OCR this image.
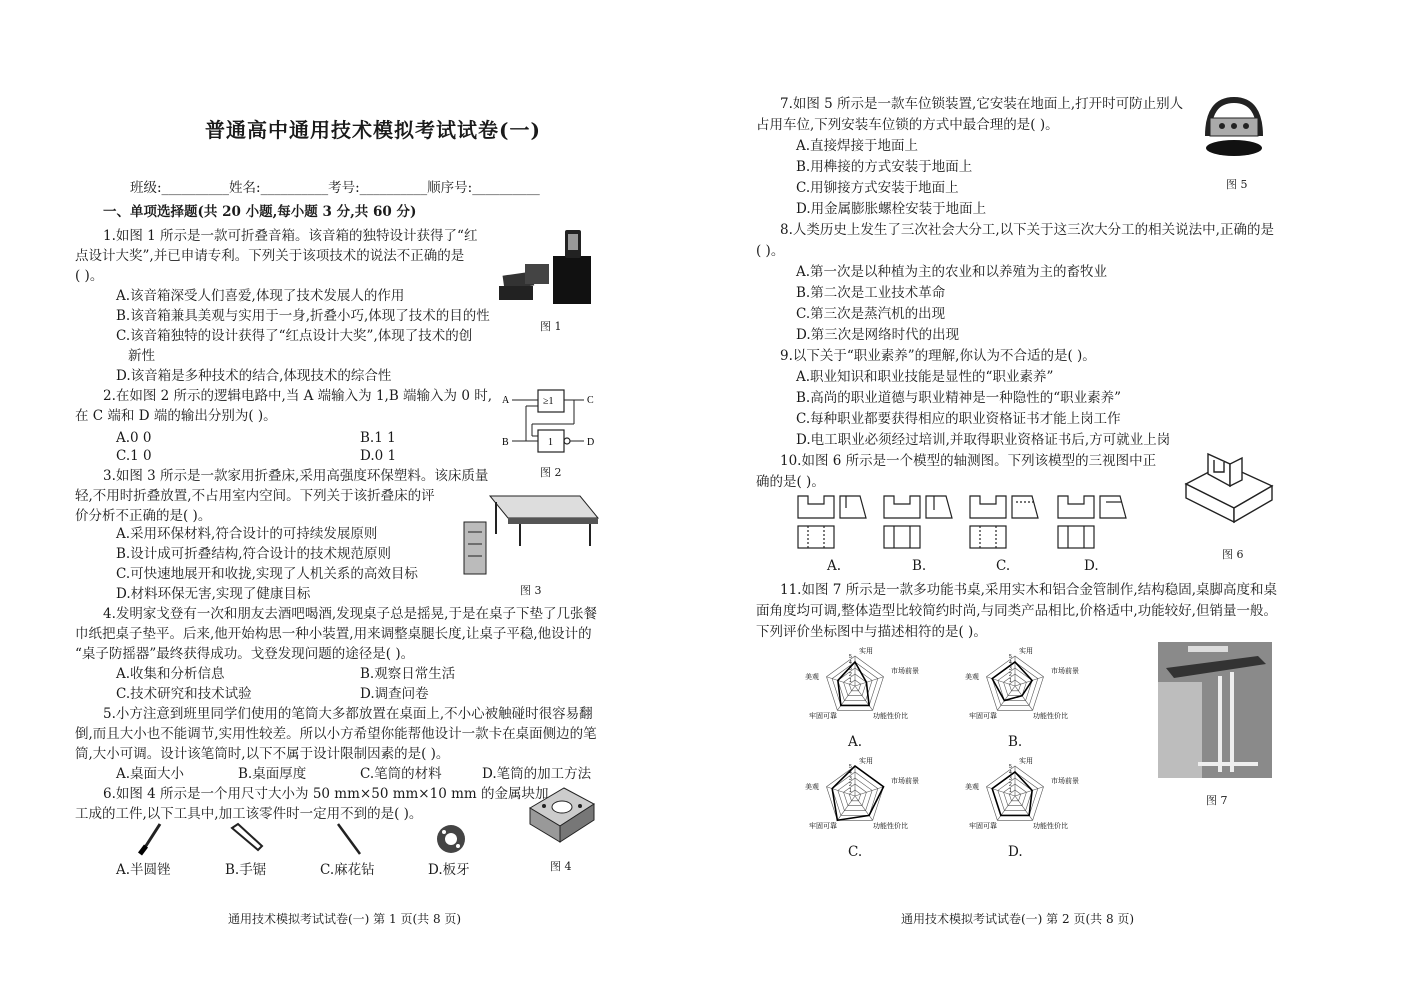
普通高中通用技术模拟考试试卷(一)
班级:__________姓名:__________考号:__________顺序号:__________
一、单项选择题(共 20 小题,每小题 3 分,共 60 分)
1.如图 1 所示是一款可折叠音箱。该音箱的独特设计获得了“红
点设计大奖”,并已申请专利。下列关于该项技术的说法不正确的是
( )。
A.该音箱深受人们喜爱,体现了技术发展人的作用
B.该音箱兼具美观与实用于一身,折叠小巧,体现了技术的目的性
C.该音箱独特的设计获得了“红点设计大奖”,体现了技术的创
新性
D.该音箱是多种技术的结合,体现技术的综合性
图 1
2.在如图 2 所示的逻辑电路中,当 A 端输入为 1,B 端输入为 0 时,
在 C 端和 D 端的输出分别为( )。
A.0 0	B.1 1
C.1 0	D.0 1
≥1
1
A
B
C
D
图 2
3.如图 3 所示是一款家用折叠床,采用高强度环保塑料。该床质量
轻,不用时折叠放置,不占用室内空间。下列关于该折叠床的评
价分析不正确的是( )。
A.采用环保材料,符合设计的可持续发展原则
B.设计成可折叠结构,符合设计的技术规范原则
C.可快速地展开和收拢,实现了人机关系的高效目标
D.材料环保无害,实现了健康目标	图 3
4.发明家戈登有一次和朋友去酒吧喝酒,发现桌子总是摇晃,于是在桌子下垫了几张餐
巾纸把桌子垫平。后来,他开始构思一种小装置,用来调整桌腿长度,让桌子平稳,他设计的
“桌子防摇器”最终获得成功。戈登发现问题的途径是( )。
A.收集和分析信息	B.观察日常生活
C.技术研究和技术试验	D.调查问卷
5.小方注意到班里同学们使用的笔筒大多都放置在桌面上,不小心被触碰时很容易翻
倒,而且大小也不能调节,实用性较差。所以小方希望你能帮他设计一款卡在桌面侧边的笔
筒,大小可调。设计该笔筒时,以下不属于设计限制因素的是( )。
A.桌面大小	B.桌面厚度	C.笔筒的材料	D.笔筒的加工方法
6.如图 4 所示是一个用尺寸大小为 50 mm×50 mm×10 mm 的金属块加
工成的工件,以下工具中,加工该零件时一定用不到的是( )。
A.半圆锉	B.手锯	C.麻花钻	D.板牙	图 4
通用技术模拟考试试卷(一) 第 1 页(共 8 页)
7.如图 5 所示是一款车位锁装置,它安装在地面上,打开时可防止别人
占用车位,下列安装车位锁的方式中最合理的是( )。
A.直接焊接于地面上
B.用榫接的方式安装于地面上
C.用铆接方式安装于地面上
D.用金属膨胀螺栓安装于地面上
图 5
8.人类历史上发生了三次社会大分工,以下关于这三次大分工的相关说法中,正确的是
( )。
A.第一次是以种植为主的农业和以养殖为主的畜牧业
B.第二次是工业技术革命
C.第三次是蒸汽机的出现
D.第三次是网络时代的出现
9.以下关于“职业素养”的理解,你认为不合适的是( )。
A.职业知识和职业技能是显性的“职业素养”
B.高尚的职业道德与职业精神是一种隐性的“职业素养”
C.每种职业都要获得相应的职业资格证书才能上岗工作
D.电工职业必须经过培训,并取得职业资格证书后,方可就业上岗
10.如图 6 所示是一个模型的轴测图。下列该模型的三视图中正
确的是( )。
A.	B.	C.	D.
图 6
11.如图 7 所示是一款多功能书桌,采用实木和铝合金管制作,结构稳固,桌脚高度和桌
面角度均可调,整体造型比较简约时尚,与同类产品相比,价格适中,功能较好,但销量一般。
下列评价坐标图中与描述相符的是( )。
1
2
3
4
5
实用
市场前景
功能性价比
牢固可靠
美观	1
2
3
4
5
实用
市场前景
功能性价比
牢固可靠
美观
1
2
3
4
5
实用
市场前景
功能性价比
牢固可靠
美观	1
2
3
4
5
实用
市场前景
功能性价比
牢固可靠
美观
A.	B.
C.	D.
图 7
通用技术模拟考试试卷(一) 第 2 页(共 8 页)
